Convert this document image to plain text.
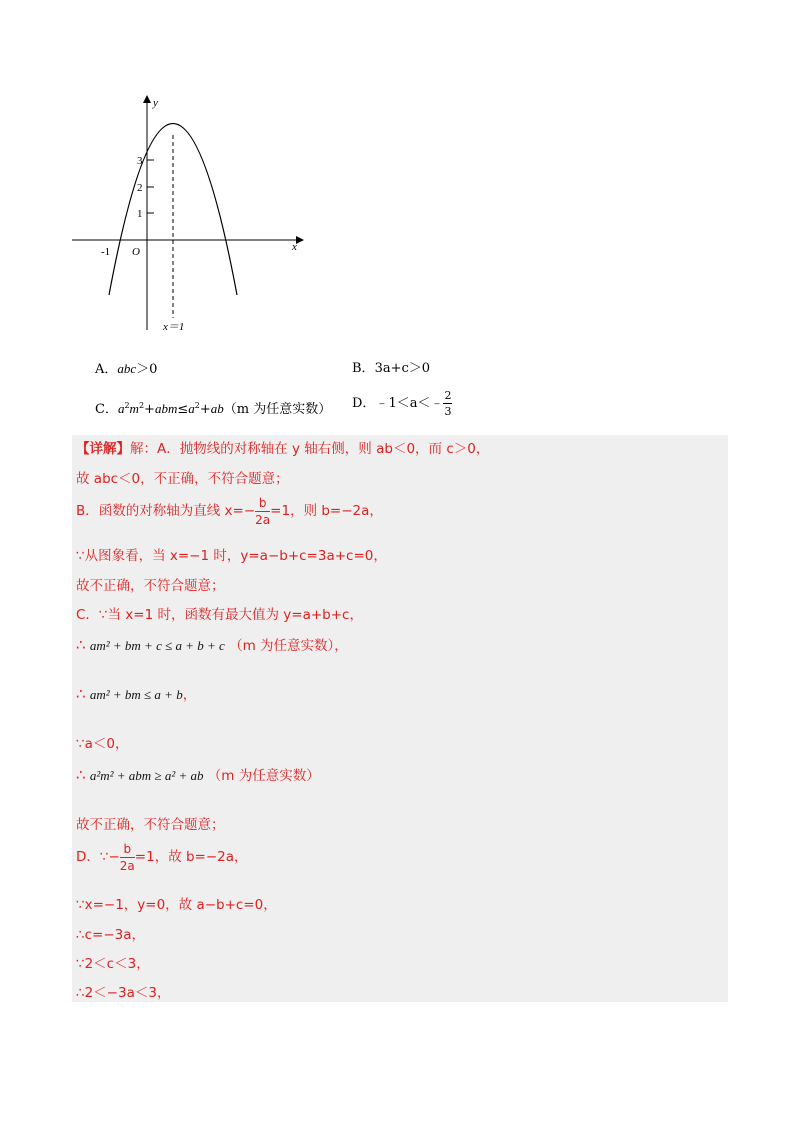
y
x
O
-1
1
2
3
x＝1
A．abc＞0	B．3a+c＞0
C．$a^2m^2+abm\le a^2+ab(m$ 为任意实数） D．﹣1＜a＜﹣ $\frac{2}{3}$
【详解】解：A．抛物线的对称轴在 y 轴右侧，则 ab＜0，而 c＞0，
故 abc＜0，不正确，不符合题意；
B．函数的对称轴为直线 $x=- \frac{b}{2a} =1$，则 b=−2a，
∵从图象看，当 x=−1 时，y=a−b+c=3a+c=0，
故不正确，不符合题意；
C．∵当 x=1 时，函数有最大值为 y=a+b+c，
∴ am² + bm + c ≤ a + b + c （m 为任意实数），
∴ am² + bm ≤ a + b，
∵a＜0，
∴ a²m² + abm ≥ a² + ab （m 为任意实数）
故不正确，不符合题意；
D．∵− $\frac{b}{2a} =1$，故 b=−2a，
∵x=−1，y=0，故 a−b+c=0，
∴c=−3a，
∵2＜c＜3，
∴2＜−3a＜3，
